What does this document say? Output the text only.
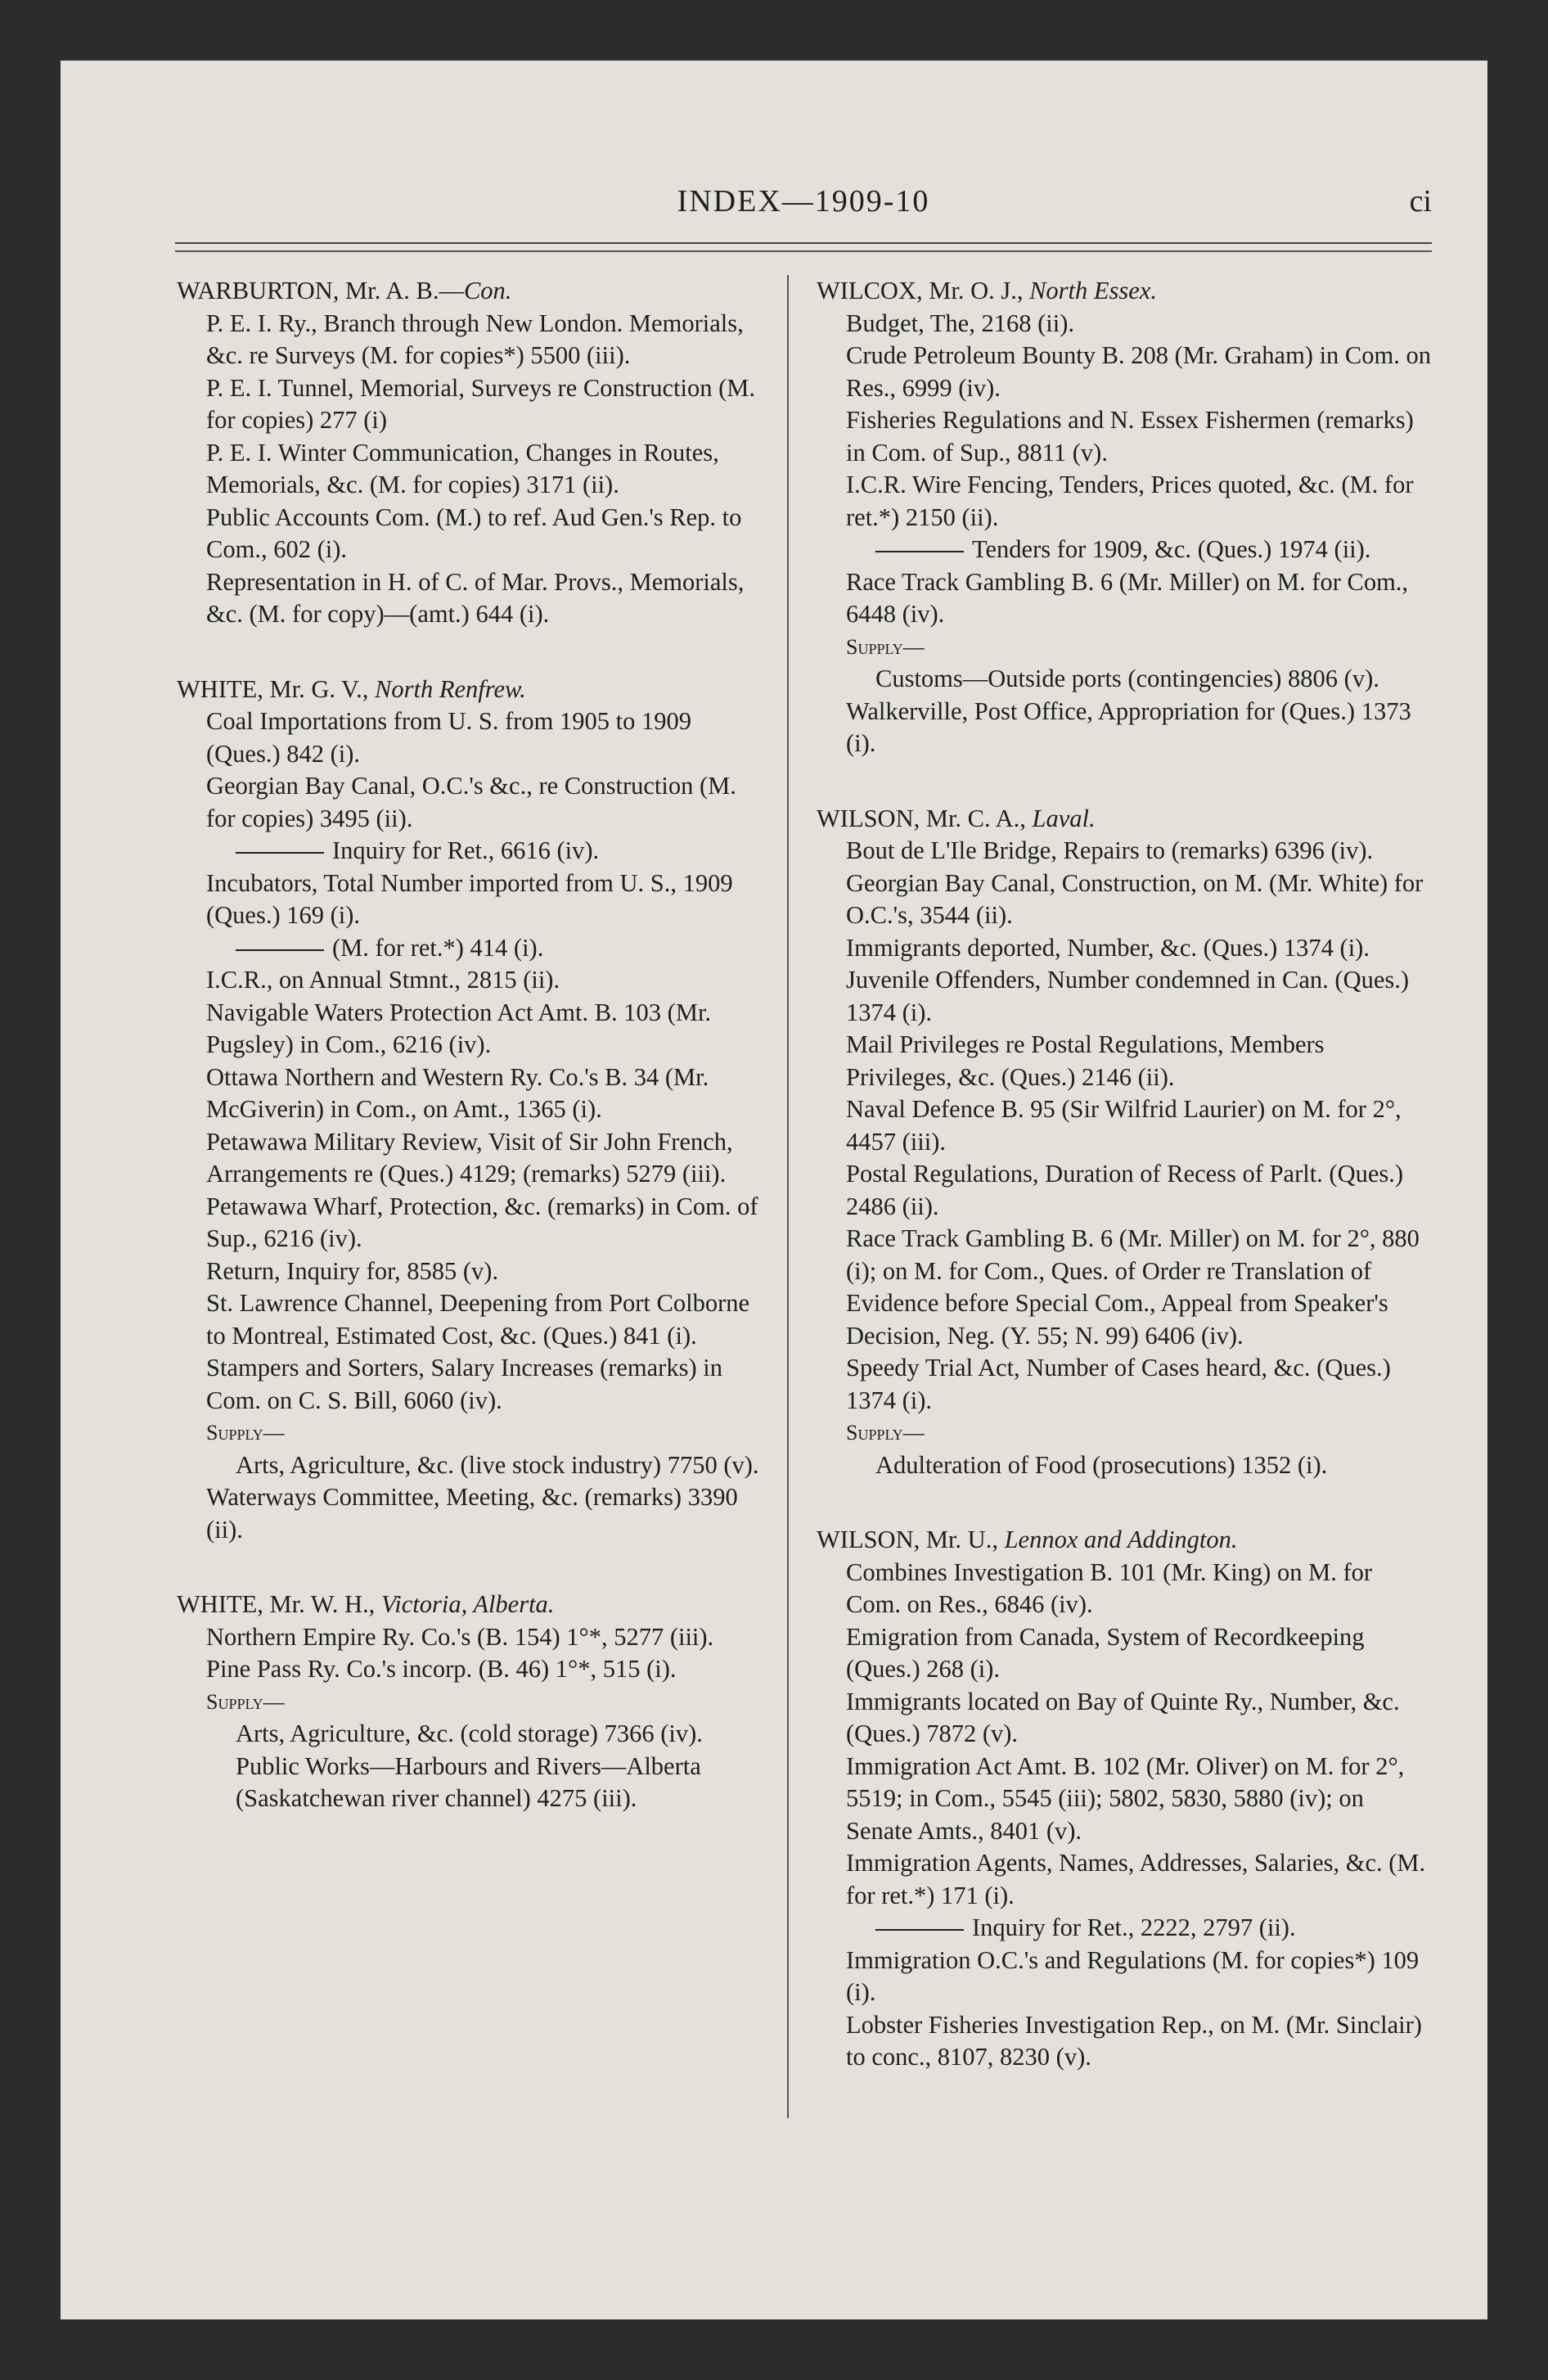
INDEX—1909-10	ci
WARBURTON, Mr. A. B.—Con.
P. E. I. Ry., Branch through New London. Memorials, &c. re Surveys (M. for copies*) 5500 (iii).
P. E. I. Tunnel, Memorial, Surveys re Construction (M. for copies) 277 (i)
P. E. I. Winter Communication, Changes in Routes, Memorials, &c. (M. for copies) 3171 (ii).
Public Accounts Com. (M.) to ref. Aud Gen.'s Rep. to Com., 602 (i).
Representation in H. of C. of Mar. Provs., Memorials, &c. (M. for copy)—(amt.) 644 (i).
WHITE, Mr. G. V., North Renfrew.
Coal Importations from U. S. from 1905 to 1909 (Ques.) 842 (i).
Georgian Bay Canal, O.C.'s &c., re Construction (M. for copies) 3495 (ii).
Inquiry for Ret., 6616 (iv).
Incubators, Total Number imported from U. S., 1909 (Ques.) 169 (i).
(M. for ret.*) 414 (i).
I.C.R., on Annual Stmnt., 2815 (ii).
Navigable Waters Protection Act Amt. B. 103 (Mr. Pugsley) in Com., 6216 (iv).
Ottawa Northern and Western Ry. Co.'s B. 34 (Mr. McGiverin) in Com., on Amt., 1365 (i).
Petawawa Military Review, Visit of Sir John French, Arrangements re (Ques.) 4129; (remarks) 5279 (iii).
Petawawa Wharf, Protection, &c. (remarks) in Com. of Sup., 6216 (iv).
Return, Inquiry for, 8585 (v).
St. Lawrence Channel, Deepening from Port Colborne to Montreal, Estimated Cost, &c. (Ques.) 841 (i).
Stampers and Sorters, Salary Increases (remarks) in Com. on C. S. Bill, 6060 (iv).
Supply—
Arts, Agriculture, &c. (live stock industry) 7750 (v).
Waterways Committee, Meeting, &c. (remarks) 3390 (ii).
WHITE, Mr. W. H., Victoria, Alberta.
Northern Empire Ry. Co.'s (B. 154) 1°*, 5277 (iii).
Pine Pass Ry. Co.'s incorp. (B. 46) 1°*, 515 (i).
Supply—
Arts, Agriculture, &c. (cold storage) 7366 (iv).
Public Works—Harbours and Rivers—Alberta (Saskatchewan river channel) 4275 (iii).
WILCOX, Mr. O. J., North Essex.
Budget, The, 2168 (ii).
Crude Petroleum Bounty B. 208 (Mr. Graham) in Com. on Res., 6999 (iv).
Fisheries Regulations and N. Essex Fishermen (remarks) in Com. of Sup., 8811 (v).
I.C.R. Wire Fencing, Tenders, Prices quoted, &c. (M. for ret.*) 2150 (ii).
Tenders for 1909, &c. (Ques.) 1974 (ii).
Race Track Gambling B. 6 (Mr. Miller) on M. for Com., 6448 (iv).
Supply—
Customs—Outside ports (contingencies) 8806 (v).
Walkerville, Post Office, Appropriation for (Ques.) 1373 (i).
WILSON, Mr. C. A., Laval.
Bout de L'Ile Bridge, Repairs to (remarks) 6396 (iv).
Georgian Bay Canal, Construction, on M. (Mr. White) for O.C.'s, 3544 (ii).
Immigrants deported, Number, &c. (Ques.) 1374 (i).
Juvenile Offenders, Number condemned in Can. (Ques.) 1374 (i).
Mail Privileges re Postal Regulations, Members Privileges, &c. (Ques.) 2146 (ii).
Naval Defence B. 95 (Sir Wilfrid Laurier) on M. for 2°, 4457 (iii).
Postal Regulations, Duration of Recess of Parlt. (Ques.) 2486 (ii).
Race Track Gambling B. 6 (Mr. Miller) on M. for 2°, 880 (i); on M. for Com., Ques. of Order re Translation of Evidence before Special Com., Appeal from Speaker's Decision, Neg. (Y. 55; N. 99) 6406 (iv).
Speedy Trial Act, Number of Cases heard, &c. (Ques.) 1374 (i).
Supply—
Adulteration of Food (prosecutions) 1352 (i).
WILSON, Mr. U., Lennox and Addington.
Combines Investigation B. 101 (Mr. King) on M. for Com. on Res., 6846 (iv).
Emigration from Canada, System of Recordkeeping (Ques.) 268 (i).
Immigrants located on Bay of Quinte Ry., Number, &c. (Ques.) 7872 (v).
Immigration Act Amt. B. 102 (Mr. Oliver) on M. for 2°, 5519; in Com., 5545 (iii); 5802, 5830, 5880 (iv); on Senate Amts., 8401 (v).
Immigration Agents, Names, Addresses, Salaries, &c. (M. for ret.*) 171 (i).
Inquiry for Ret., 2222, 2797 (ii).
Immigration O.C.'s and Regulations (M. for copies*) 109 (i).
Lobster Fisheries Investigation Rep., on M. (Mr. Sinclair) to conc., 8107, 8230 (v).
